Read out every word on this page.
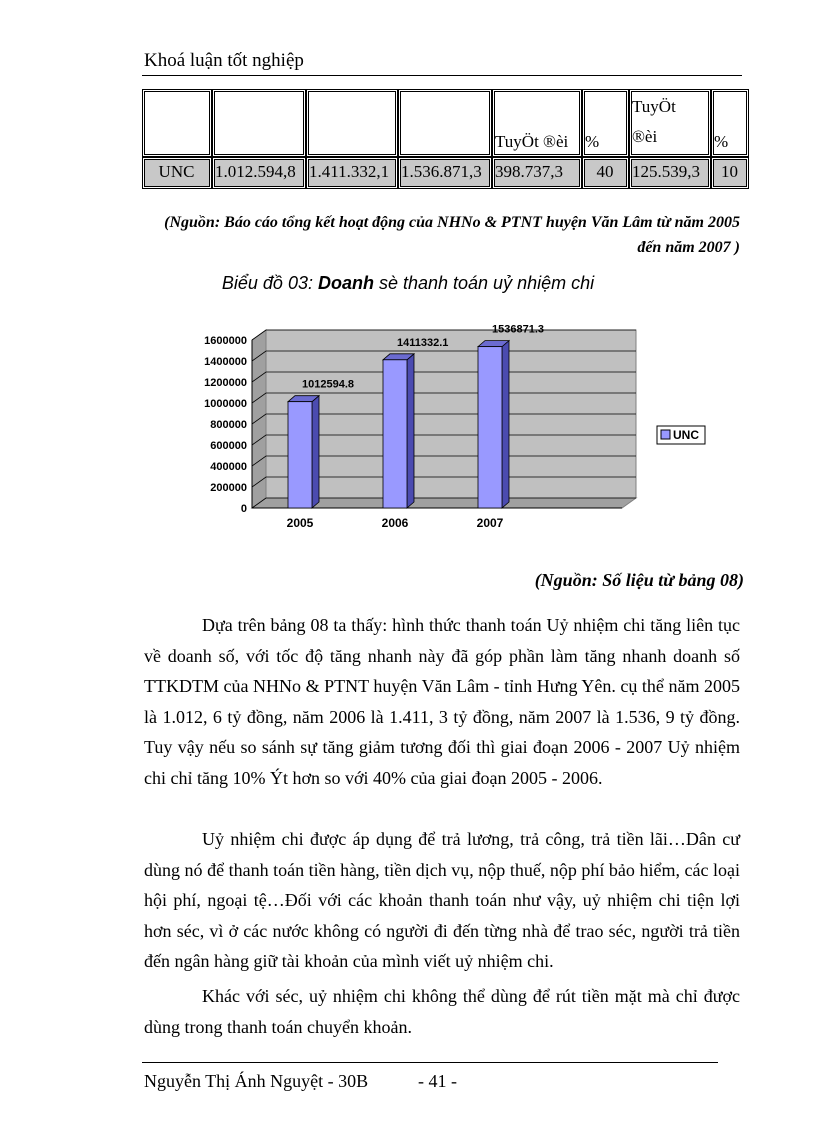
Khoá luận tốt nghiệp

				TuyÖt ®èi	%	TuyÖt ®èi	%

UNC	1.012.594,8	1.411.332,1	1.536.871,3	398.737,3	40	125.539,3	10
(Nguồn: Báo cáo tổng kết hoạt động của NHNo & PTNT huyện Văn Lâm từ năm 2005
đến năm 2007 )
Biểu đồ 03: Doanh sè thanh toán uỷ nhiệm chi
0
200000
400000
600000
800000
1000000
1200000
1400000
1600000
1012594.8
2005
1411332.1
2006
1536871.3
2007
UNC
(Nguồn: Số liệu từ bảng 08)
Dựa trên bảng 08 ta thấy: hình thức thanh toán Uỷ nhiệm chi tăng liên tục về doanh số, với tốc độ tăng nhanh này đã góp phần làm tăng nhanh doanh số TTKDTM của NHNo & PTNT huyện Văn Lâm - tỉnh Hưng Yên. cụ thể năm 2005 là 1.012, 6 tỷ đồng, năm 2006 là 1.411, 3 tỷ đồng, năm 2007 là 1.536, 9 tỷ đồng. Tuy vậy nếu so sánh sự tăng giảm tương đối thì giai đoạn 2006 - 2007 Uỷ nhiệm chi chỉ tăng 10% Ýt hơn so với 40% của giai đoạn 2005 - 2006.
Uỷ nhiệm chi được áp dụng để trả lương, trả công, trả tiền lãi…Dân cư dùng nó để thanh toán tiền hàng, tiền dịch vụ, nộp thuế, nộp phí bảo hiểm, các loại hội phí, ngoại tệ…Đối với các khoản thanh toán như vậy, uỷ nhiệm chi tiện lợi hơn séc, vì ở các nước không có người đi đến từng nhà để trao séc, người trả tiền đến ngân hàng giữ tài khoản của mình viết uỷ nhiệm chi.
Khác với séc, uỷ nhiệm chi không thể dùng để rút tiền mặt mà chỉ được dùng trong thanh toán chuyển khoản.
Nguyễn Thị Ánh Nguyệt - 30B	- 41 -
